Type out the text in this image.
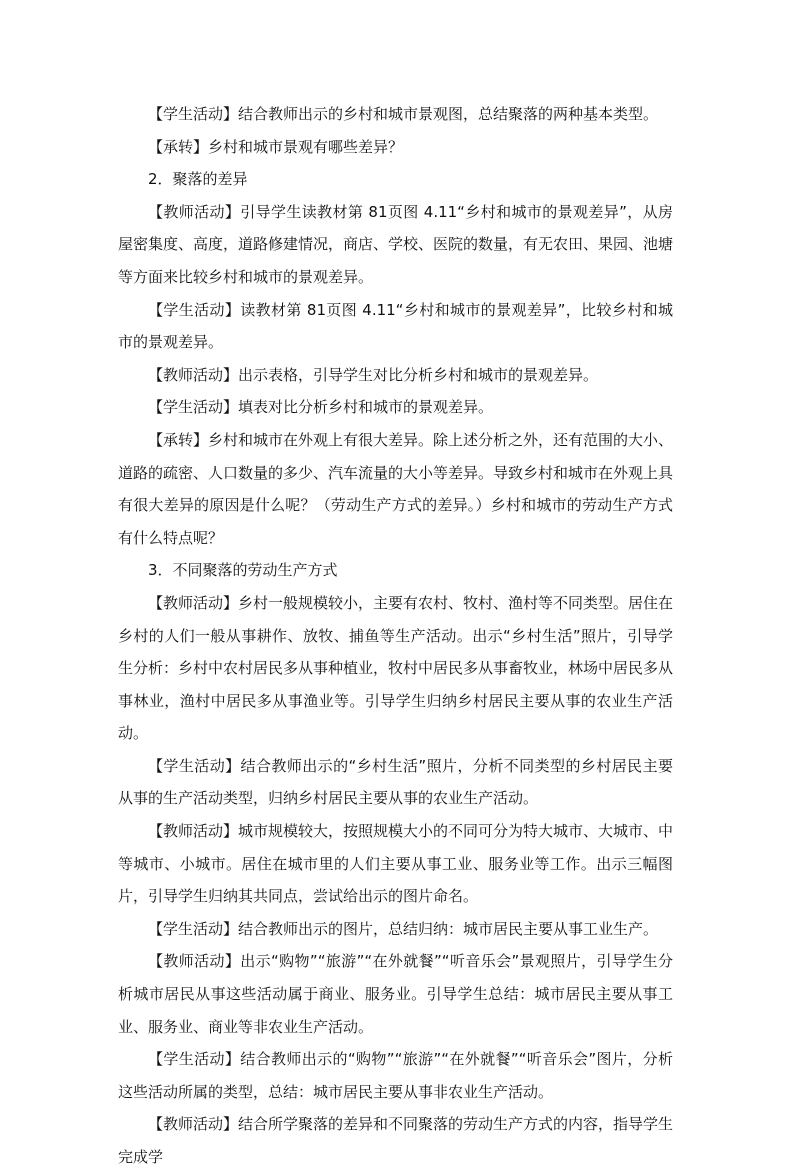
【学生活动】结合教师出示的乡村和城市景观图，总结聚落的两种基本类型。

【承转】乡村和城市景观有哪些差异？

2．聚落的差异

【教师活动】引导学生读教材第 81页图 4.11“乡村和城市的景观差异”，从房屋密集度、高度，道路修建情况，商店、学校、医院的数量，有无农田、果园、池塘等方面来比较乡村和城市的景观差异。

【学生活动】读教材第 81页图 4.11“乡村和城市的景观差异”，比较乡村和城市的景观差异。

【教师活动】出示表格，引导学生对比分析乡村和城市的景观差异。

【学生活动】填表对比分析乡村和城市的景观差异。

【承转】乡村和城市在外观上有很大差异。除上述分析之外，还有范围的大小、道路的疏密、人口数量的多少、汽车流量的大小等差异。导致乡村和城市在外观上具有很大差异的原因是什么呢？（劳动生产方式的差异。）乡村和城市的劳动生产方式有什么特点呢？

3．不同聚落的劳动生产方式

【教师活动】乡村一般规模较小，主要有农村、牧村、渔村等不同类型。居住在乡村的人们一般从事耕作、放牧、捕鱼等生产活动。出示“乡村生活”照片，引导学生分析：乡村中农村居民多从事种植业，牧村中居民多从事畜牧业，林场中居民多从事林业，渔村中居民多从事渔业等。引导学生归纳乡村居民主要从事的农业生产活动。

【学生活动】结合教师出示的“乡村生活”照片，分析不同类型的乡村居民主要从事的生产活动类型，归纳乡村居民主要从事的农业生产活动。

【教师活动】城市规模较大，按照规模大小的不同可分为特大城市、大城市、中等城市、小城市。居住在城市里的人们主要从事工业、服务业等工作。出示三幅图片，引导学生归纳其共同点，尝试给出示的图片命名。

【学生活动】结合教师出示的图片，总结归纳：城市居民主要从事工业生产。

【教师活动】出示“购物”“旅游”“在外就餐”“听音乐会”景观照片，引导学生分析城市居民从事这些活动属于商业、服务业。引导学生总结：城市居民主要从事工业、服务业、商业等非农业生产活动。

【学生活动】结合教师出示的“购物”“旅游”“在外就餐”“听音乐会”图片，分析这些活动所属的类型，总结：城市居民主要从事非农业生产活动。

【教师活动】结合所学聚落的差异和不同聚落的劳动生产方式的内容，指导学生完成学
